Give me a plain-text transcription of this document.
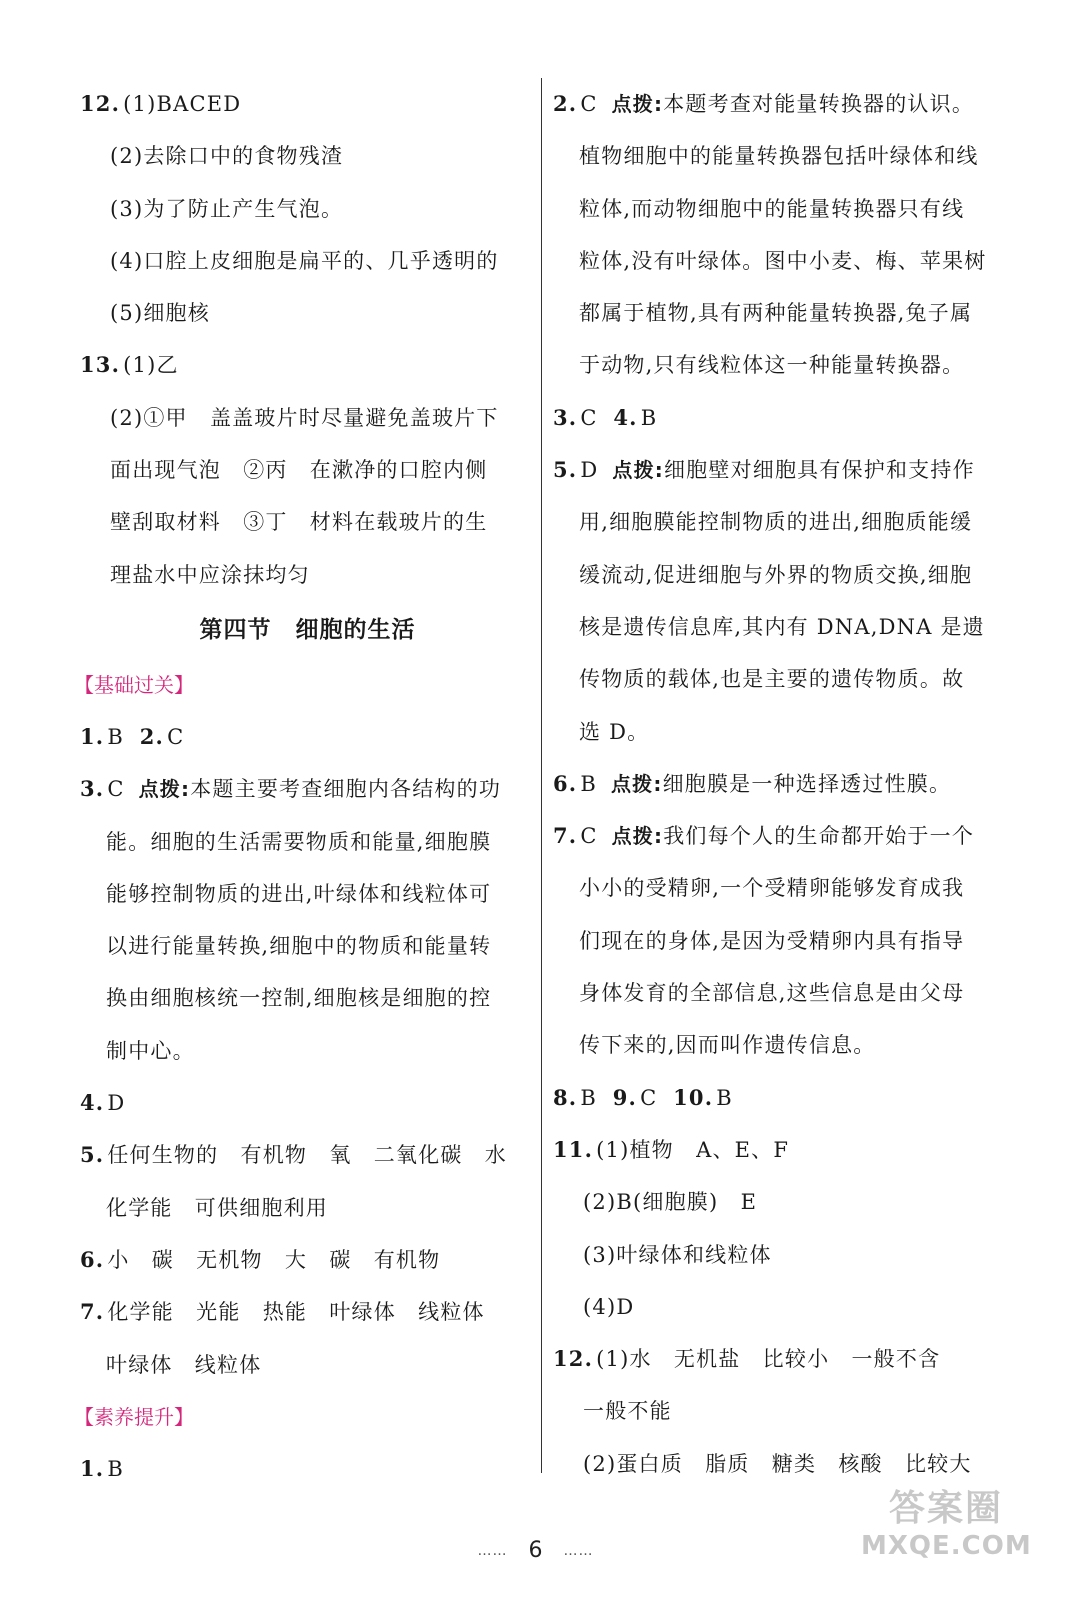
12. (1)BACED
(2)去除口中的食物残渣
(3)为了防止产生气泡。
(4)口腔上皮细胞是扁平的、几乎透明的
(5)细胞核
13. (1)乙
(2)①甲　盖盖玻片时尽量避免盖玻片下
面出现气泡　②丙　在漱净的口腔内侧
壁刮取材料　③丁　材料在载玻片的生
理盐水中应涂抹均匀
第四节　细胞的生活
【基础过关】
1. B 2. C
3. C 点拨:本题主要考查细胞内各结构的功
能。细胞的生活需要物质和能量,细胞膜
能够控制物质的进出,叶绿体和线粒体可
以进行能量转换,细胞中的物质和能量转
换由细胞核统一控制,细胞核是细胞的控
制中心。
4. D
5. 任何生物的　有机物　氧　二氧化碳　水
化学能　可供细胞利用
6. 小　碳　无机物　大　碳　有机物
7. 化学能　光能　热能　叶绿体　线粒体
叶绿体　线粒体
【素养提升】
1. B
2. C 点拨:本题考查对能量转换器的认识。
植物细胞中的能量转换器包括叶绿体和线
粒体,而动物细胞中的能量转换器只有线
粒体,没有叶绿体。图中小麦、梅、苹果树
都属于植物,具有两种能量转换器,兔子属
于动物,只有线粒体这一种能量转换器。
3. C 4. B
5. D 点拨:细胞壁对细胞具有保护和支持作
用,细胞膜能控制物质的进出,细胞质能缓
缓流动,促进细胞与外界的物质交换,细胞
核是遗传信息库,其内有 DNA,DNA 是遗
传物质的载体,也是主要的遗传物质。故
选 D。
6. B 点拨:细胞膜是一种选择透过性膜。
7. C 点拨:我们每个人的生命都开始于一个
小小的受精卵,一个受精卵能够发育成我
们现在的身体,是因为受精卵内具有指导
身体发育的全部信息,这些信息是由父母
传下来的,因而叫作遗传信息。
8. B 9. C 10. B
11. (1)植物　A、E、F
(2)B(细胞膜)　E
(3)叶绿体和线粒体
(4)D
12. (1)水　无机盐　比较小　一般不含
一般不能
(2)蛋白质　脂质　糖类　核酸　比较大
…… 6 ……
答案圈
MXQE.COM
